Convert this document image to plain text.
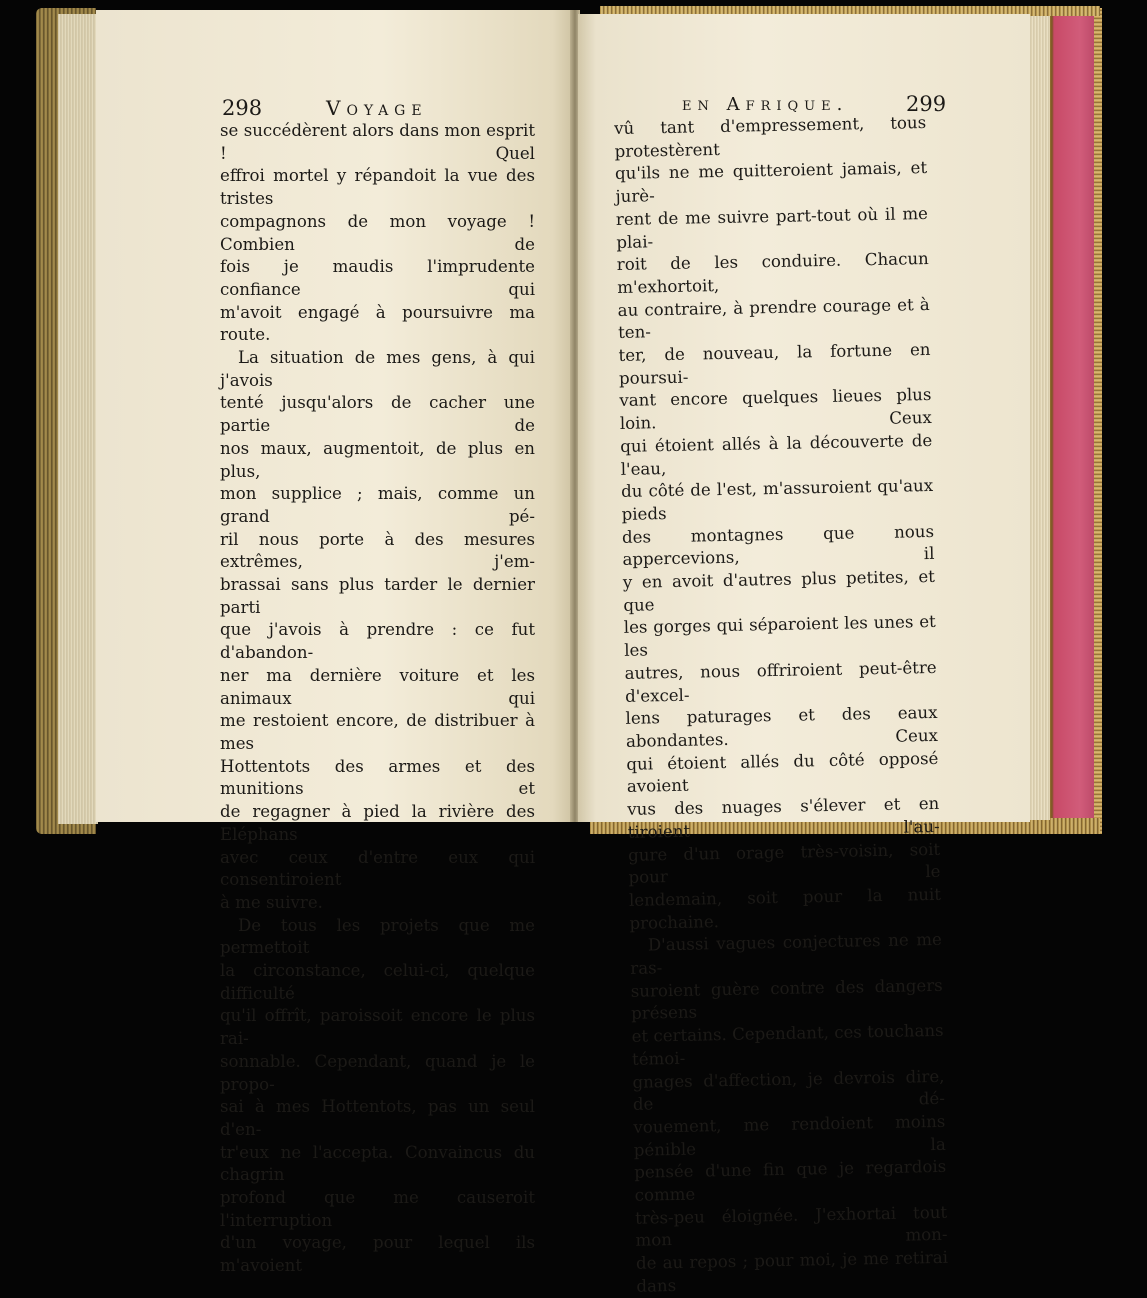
298	Voyage
se succédèrent alors dans mon esprit ! Quel
effroi mortel y répandoit la vue des tristes
compagnons de mon voyage ! Combien de
fois je maudis l'imprudente confiance qui
m'avoit engagé à poursuivre ma route.
La situation de mes gens, à qui j'avois
tenté jusqu'alors de cacher une partie de
nos maux, augmentoit, de plus en plus,
mon supplice ; mais, comme un grand pé-
ril nous porte à des mesures extrêmes, j'em-
brassai sans plus tarder le dernier parti
que j'avois à prendre : ce fut d'abandon-
ner ma dernière voiture et les animaux qui
me restoient encore, de distribuer à mes
Hottentots des armes et des munitions et
de regagner à pied la rivière des Eléphans
avec ceux d'entre eux qui consentiroient
à me suivre.
De tous les projets que me permettoit
la circonstance, celui-ci, quelque difficulté
qu'il offrît, paroissoit encore le plus rai-
sonnable. Cependant, quand je le propo-
sai à mes Hottentots, pas un seul d'en-
tr'eux ne l'accepta. Convaincus du chagrin
profond que me causeroit l'interruption
d'un voyage, pour lequel ils m'avoient
en Afrique.	299
vû tant d'empressement, tous protestèrent
qu'ils ne me quitteroient jamais, et jurè-
rent de me suivre part-tout où il me plai-
roit de les conduire. Chacun m'exhortoit,
au contraire, à prendre courage et à ten-
ter, de nouveau, la fortune en poursui-
vant encore quelques lieues plus loin. Ceux
qui étoient allés à la découverte de l'eau,
du côté de l'est, m'assuroient qu'aux pieds
des montagnes que nous appercevions, il
y en avoit d'autres plus petites, et que
les gorges qui séparoient les unes et les
autres, nous offriroient peut-être d'excel-
lens paturages et des eaux abondantes. Ceux
qui étoient allés du côté opposé avoient
vus des nuages s'élever et en tiroient l'au-
gure d'un orage très-voisin, soit pour le
lendemain, soit pour la nuit prochaine.
D'aussi vagues conjectures ne me ras-
suroient guère contre des dangers présens
et certains. Cependant, ces touchans témoi-
gnages d'affection, je devrois dire, de dé-
vouement, me rendoient moins pénible la
pensée d'une fin que je regardois comme
très-peu éloignée. J'exhortai tout mon mon-
de au repos ; pour moi, je me retirai dans
